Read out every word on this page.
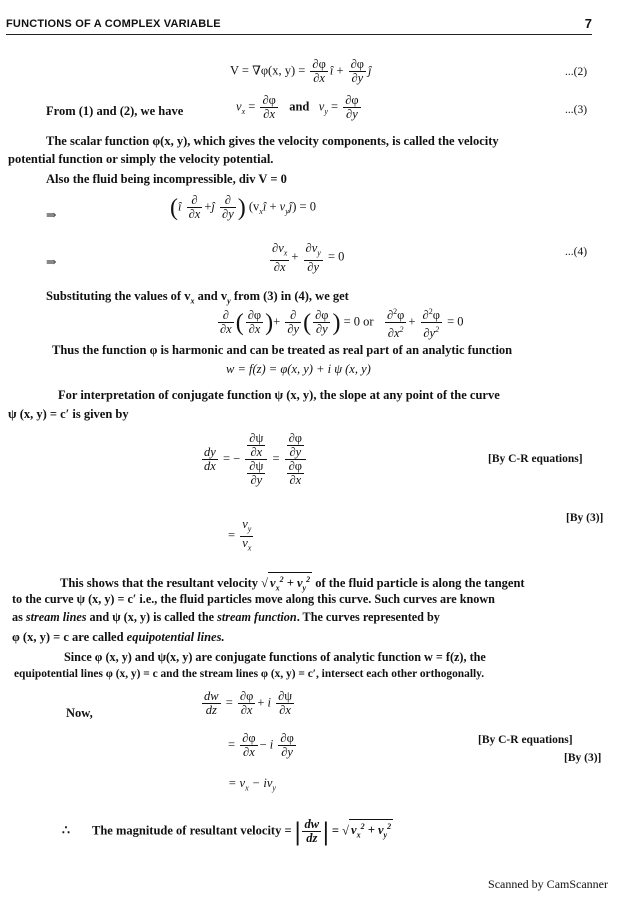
FUNCTIONS OF A COMPLEX VARIABLE	7
V = ∇φ(x, $y) = \frac{\partial\varphi}{\partial x}$ î + $\frac{\partial\varphi}{\partial y}$ ĵ	...(2)
From (1) and (2), we have	$v_x = \frac{\partial\varphi}{\partial x}$ and $v_y = \frac{\partial\varphi}{\partial y}$	...(3)
The scalar function φ(x, y), which gives the velocity components, is called the velocity
potential function or simply the velocity potential.
Also the fluid being incompressible, div V = 0
⇒	(î $\frac{\partial}{\partial x}$ +ĵ $\frac{\partial}{\partial y}$ ) ($v_xî$ + $v_yĵ) = 0$
⇒	$\frac{\partial v_x}{\partial x} + \frac{\partial v_y}{\partial y} = 0$	...(4)
Substituting the values of $v_x$ and $v_y$ from (3) in (4), we get
$\frac{\partial}{\partial x}$ ( $\frac{\partial\varphi}{\partial x}$ )+ $\frac{\partial}{\partial y}$ ( $\frac{\partial\varphi}{\partial y}$ ) = 0 or $\frac{\partial^2\varphi}{\partial x^2} + \frac{\partial^2\varphi}{\partial y^2} = 0$
Thus the function φ is harmonic and can be treated as real part of an analytic function
w = f(z) = φ(x, y) + i ψ (x, y)
For interpretation of conjugate function ψ (x, y), the slope at any point of the curve
ψ (x, y) = c′ is given by
$\frac{dy}{dx}$ = − $\frac{\frac{\partial\psi}{\partial x}}{\frac{\partial\psi}{\partial y}} = \frac{\frac{\partial\varphi}{\partial y}}{\frac{\partial\varphi}{\partial x}}$	[By C-R equations]
= $\frac{v_y}{v_x}$	[By (3)]
This shows that the resultant velocity √ $v_x^2 + v_y^2$ of the fluid particle is along the tangent
to the curve ψ (x, y) = c′ i.e., the fluid particles move along this curve. Such curves are known
as stream lines and ψ (x, y) is called the stream function. The curves represented by
φ (x, y) = c are called equipotential lines.
Since φ (x, y) and ψ(x, y) are conjugate functions of analytic function w = f(z), the
equipotential lines φ (x, y) = c and the stream lines φ (x, y) = c′, intersect each other orthogonally.
Now,	$\frac{dw}{dz} = \frac{\partial\varphi}{\partial x} + i \frac{\partial\psi}{\partial x}$
= $\frac{\partial\varphi}{\partial x} - i \frac{\partial\varphi}{\partial y}$	[By C-R equations]
[By (3)]
= $v_x - iv_y$
∴ The magnitude of resultant velocity = | $\frac{dw}{dz}$ | = √ $v_x^2 + v_y^2$
Scanned by CamScanner
